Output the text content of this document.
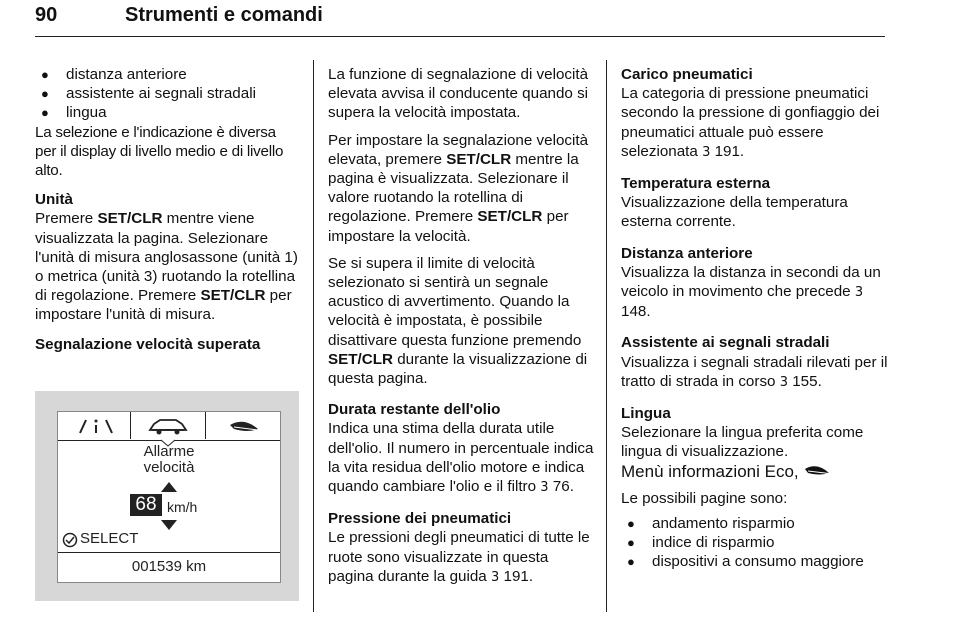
90	Strumenti e comandi

● distanza anteriore

● assistente ai segnali stradali

● lingua

La selezione e l'indicazione è diversa per il display di livello medio e di livello alto.

Unità

Premere SET/CLR mentre viene visualizzata la pagina. Selezionare l'unità di misura anglosassone (unità 1) o metrica (unità 3) ruotando la rotellina di regolazione. Premere SET/CLR per impostare l'unità di misura.

Segnalazione velocità superata

Allarme
velocità
68 km/h
SELECT
001539 km

La funzione di segnalazione di velocità elevata avvisa il conducente quando si supera la velocità impostata.

Per impostare la segnalazione velocità elevata, premere SET/CLR mentre la pagina è visualizzata. Selezionare il valore ruotando la rotellina di regolazione. Premere SET/CLR per impostare la velocità.

Se si supera il limite di velocità selezionato si sentirà un segnale acustico di avvertimento. Quando la velocità è impostata, è possibile disattivare questa funzione premendo SET/CLR durante la visualizzazione di questa pagina.

Durata restante dell'olio

Indica una stima della durata utile dell'olio. Il numero in percentuale indica la vita residua dell'olio motore e indica quando cambiare l'olio e il filtro 3 76.

Pressione dei pneumatici

Le pressioni degli pneumatici di tutte le ruote sono visualizzate in questa pagina durante la guida 3 191.

Carico pneumatici

La categoria di pressione pneumatici secondo la pressione di gonfiaggio dei pneumatici attuale può essere selezionata 3 191.

Temperatura esterna

Visualizzazione della temperatura esterna corrente.

Distanza anteriore

Visualizza la distanza in secondi da un veicolo in movimento che precede 3 148.

Assistente ai segnali stradali

Visualizza i segnali stradali rilevati per il tratto di strada in corso 3 155.

Lingua

Selezionare la lingua preferita come lingua di visualizzazione.

Menù informazioni Eco,

Le possibili pagine sono:

● andamento risparmio

● indice di risparmio

● dispositivi a consumo maggiore
